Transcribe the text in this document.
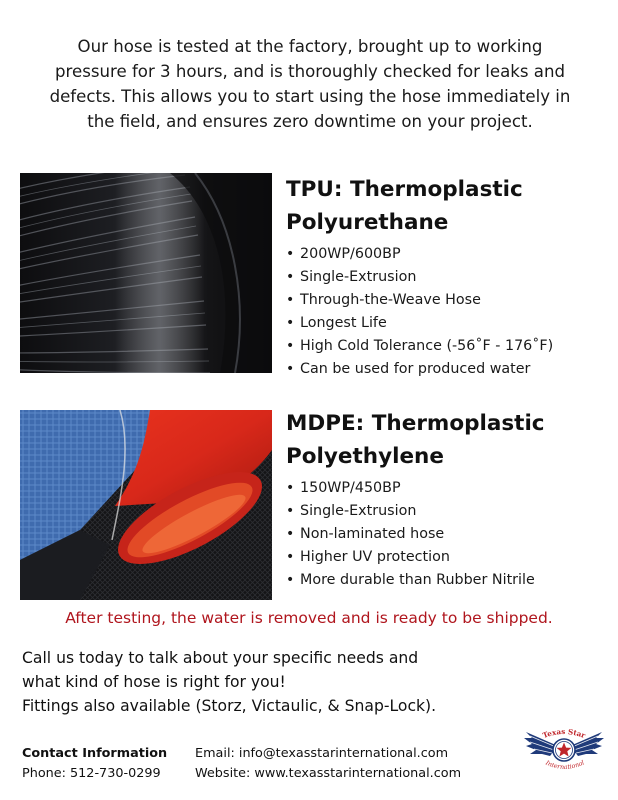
Our hose is tested at the factory, brought up to working
pressure for 3 hours, and is thoroughly checked for leaks and
defects. This allows you to start using the hose immediately in
the field, and ensures zero downtime on your project.
TPU: Thermoplastic
Polyurethane
• 200WP/600BP
• Single-Extrusion
• Through-the-Weave Hose
• Longest Life
• High Cold Tolerance (-56˚F - 176˚F)
• Can be used for produced water
MDPE: Thermoplastic
Polyethylene
• 150WP/450BP
• Single-Extrusion
• Non-laminated hose
• Higher UV protection
• More durable than Rubber Nitrile
After testing, the water is removed and is ready to be shipped.
Call us today to talk about your specific needs and
what kind of hose is right for you!
Fittings also available (Storz, Victaulic, & Snap-Lock).
Contact Information
Phone: 512-730-0299
Email: info@texasstarinternational.com
Website: www.texasstarinternational.com
Texas Star
International
